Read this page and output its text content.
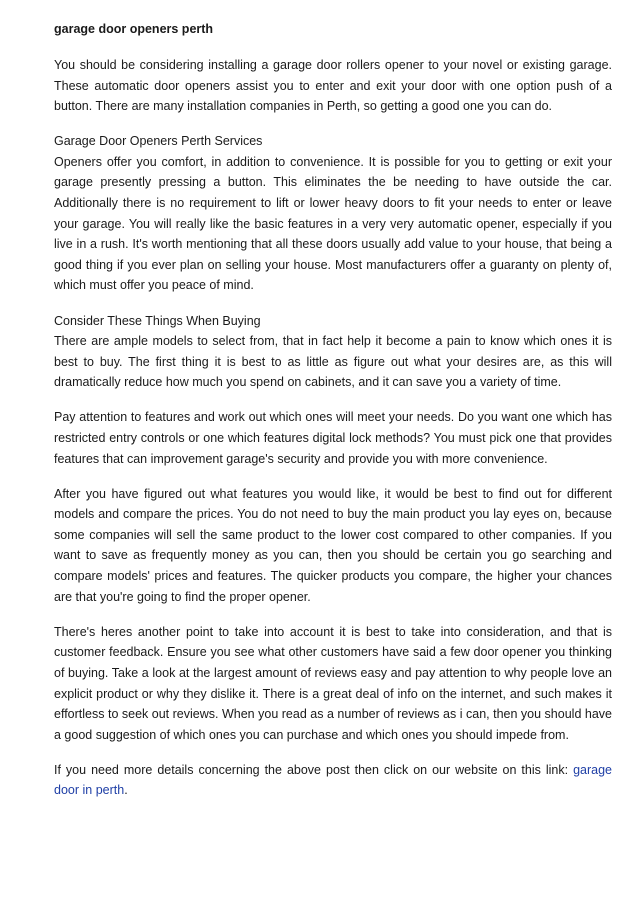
garage door openers perth
You should be considering installing a garage door rollers opener to your novel or existing garage. These automatic door openers assist you to enter and exit your door with one option push of a button. There are many installation companies in Perth, so getting a good one you can do.
Garage Door Openers Perth Services
Openers offer you comfort, in addition to convenience. It is possible for you to getting or exit your garage presently pressing a button. This eliminates the be needing to have outside the car. Additionally there is no requirement to lift or lower heavy doors to fit your needs to enter or leave your garage. You will really like the basic features in a very very automatic opener, especially if you live in a rush. It's worth mentioning that all these doors usually add value to your house, that being a good thing if you ever plan on selling your house. Most manufacturers offer a guaranty on plenty of, which must offer you peace of mind.
Consider These Things When Buying
There are ample models to select from, that in fact help it become a pain to know which ones it is best to buy. The first thing it is best to as little as figure out what your desires are, as this will dramatically reduce how much you spend on cabinets, and it can save you a variety of time.
Pay attention to features and work out which ones will meet your needs. Do you want one which has restricted entry controls or one which features digital lock methods? You must pick one that provides features that can improvement garage's security and provide you with more convenience.
After you have figured out what features you would like, it would be best to find out for different models and compare the prices. You do not need to buy the main product you lay eyes on, because some companies will sell the same product to the lower cost compared to other companies. If you want to save as frequently money as you can, then you should be certain you go searching and compare models' prices and features. The quicker products you compare, the higher your chances are that you're going to find the proper opener.
There's heres another point to take into account it is best to take into consideration, and that is customer feedback. Ensure you see what other customers have said a few door opener you thinking of buying. Take a look at the largest amount of reviews easy and pay attention to why people love an explicit product or why they dislike it. There is a great deal of info on the internet, and such makes it effortless to seek out reviews. When you read as a number of reviews as i can, then you should have a good suggestion of which ones you can purchase and which ones you should impede from.
If you need more details concerning the above post then click on our website on this link: garage door in perth.
